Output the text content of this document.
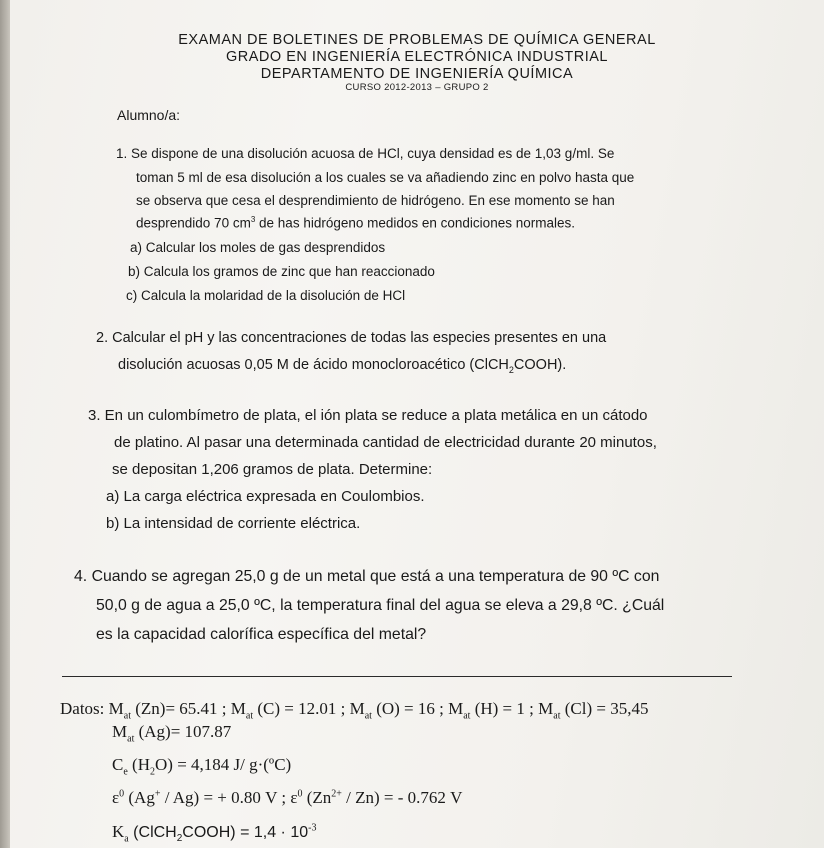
EXAMAN DE BOLETINES DE PROBLEMAS DE QUÍMICA GENERAL
GRADO EN INGENIERÍA ELECTRÓNICA INDUSTRIAL
DEPARTAMENTO DE INGENIERÍA QUÍMICA
CURSO 2012-2013 – GRUPO 2
Alumno/a:
1. Se dispone de una disolución acuosa de HCl, cuya densidad es de 1,03 g/ml. Se
toman 5 ml de esa disolución a los cuales se va añadiendo zinc en polvo hasta que
se observa que cesa el desprendimiento de hidrógeno. En ese momento se han
desprendido 70 $cm^3$ de has hidrógeno medidos en condiciones normales.
a) Calcular los moles de gas desprendidos
b) Calcula los gramos de zinc que han reaccionado
c) Calcula la molaridad de la disolución de HCl
2. Calcular el pH y las concentraciones de todas las especies presentes en una
disolución acuosas 0,05 M de ácido monocloroacético (ClCH$_2$COOH).
3. En un culombímetro de plata, el ión plata se reduce a plata metálica en un cátodo
de platino. Al pasar una determinada cantidad de electricidad durante 20 minutos,
se depositan 1,206 gramos de plata. Determine:
a) La carga eléctrica expresada en Coulombios.
b) La intensidad de corriente eléctrica.
4. Cuando se agregan 25,0 g de un metal que está a una temperatura de 90 ºC con
50,0 g de agua a 25,0 ºC, la temperatura final del agua se eleva a 29,8 ºC. ¿Cuál
es la capacidad calorífica específica del metal?
Datos: $M_{at}$ (Zn)= 65.41 ; $M_{at}$ (C) = 12.01 ; $M_{at}$ (O) = 16 ; $M_{at}$ (H) = 1 ; $M_{at}$ (Cl) = 35,45
$M_{at}$ (Ag)= 107.87
$C_e$ $(H_2O) = 4,184$ J/ g·(ºC)
$\varepsilon^0$ (Ag+ / Ag) = + 0.80 V ; $\varepsilon^0$ $(Zn^{2+} / Zn)$ = - 0.762 V
$K_a$ (ClCH$_2$COOH) = $1,4 \cdot 10^{-3}$
